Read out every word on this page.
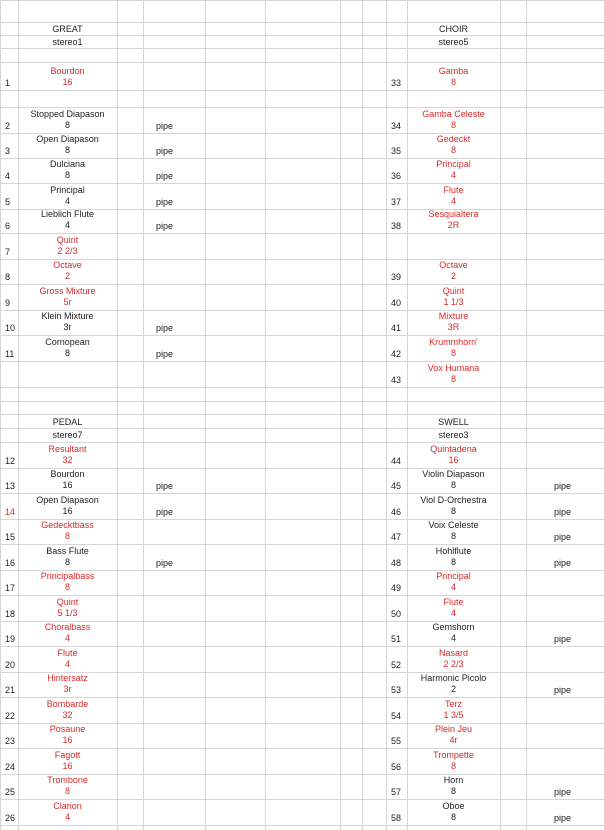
GREAT
stereo1
Bourdon
16
1
Stopped Diapason
8
2	pipe
Open Diapason
8
3	pipe
Dulciana
8
4	pipe
Principal
4
5	pipe
Lieblich Flute
4
6	pipe
Quint
2 2/3
7
Octave
2
8
Gross Mixture
5r
9
Klein Mixture
3r
10	pipe
Cornopean
8
11	pipe
CHOIR
stereo5
Gamba
8
33
Gamba Celeste
8
34
Gedeckt
8
35
Principal
4
36
Flute
4
37
Sesquialtera
2R
38
Octave
2
39
Quint
1 1/3
40
Mixture
3R
41
Krummhorn'
8
42
Vox Humana
8
43
PEDAL
stereo7
Resultant
32
12
Bourdon
16
13	pipe
Open Diapason
16
14	pipe
Gedecktbass
8
15
Bass Flute
8
16	pipe
Principalbass
8
17
Quint
5 1/3
18
Choralbass
4
19
Flute
4
20
Hintersatz
3r
21
Bombarde
32
22
Posaune
16
23
Fagott
16
24
Trombone
8
25
Clarion
4
26
SWELL
stereo3
Quintadena
16
44
Violin Diapason
8
45	pipe
Viol D-Orchestra
8
46	pipe
Voix Celeste
8
47	pipe
Hohlflute
8
48	pipe
Principal
4
49
Flute
4
50
Gemshorn
4
51	pipe
Nasard
2 2/3
52
Harmonic Picolo
2
53	pipe
Terz
1 3/5
54
Plein Jeu
4r
55
Trompette
8
56
Horn
8
57	pipe
Oboe
8
58	pipe
